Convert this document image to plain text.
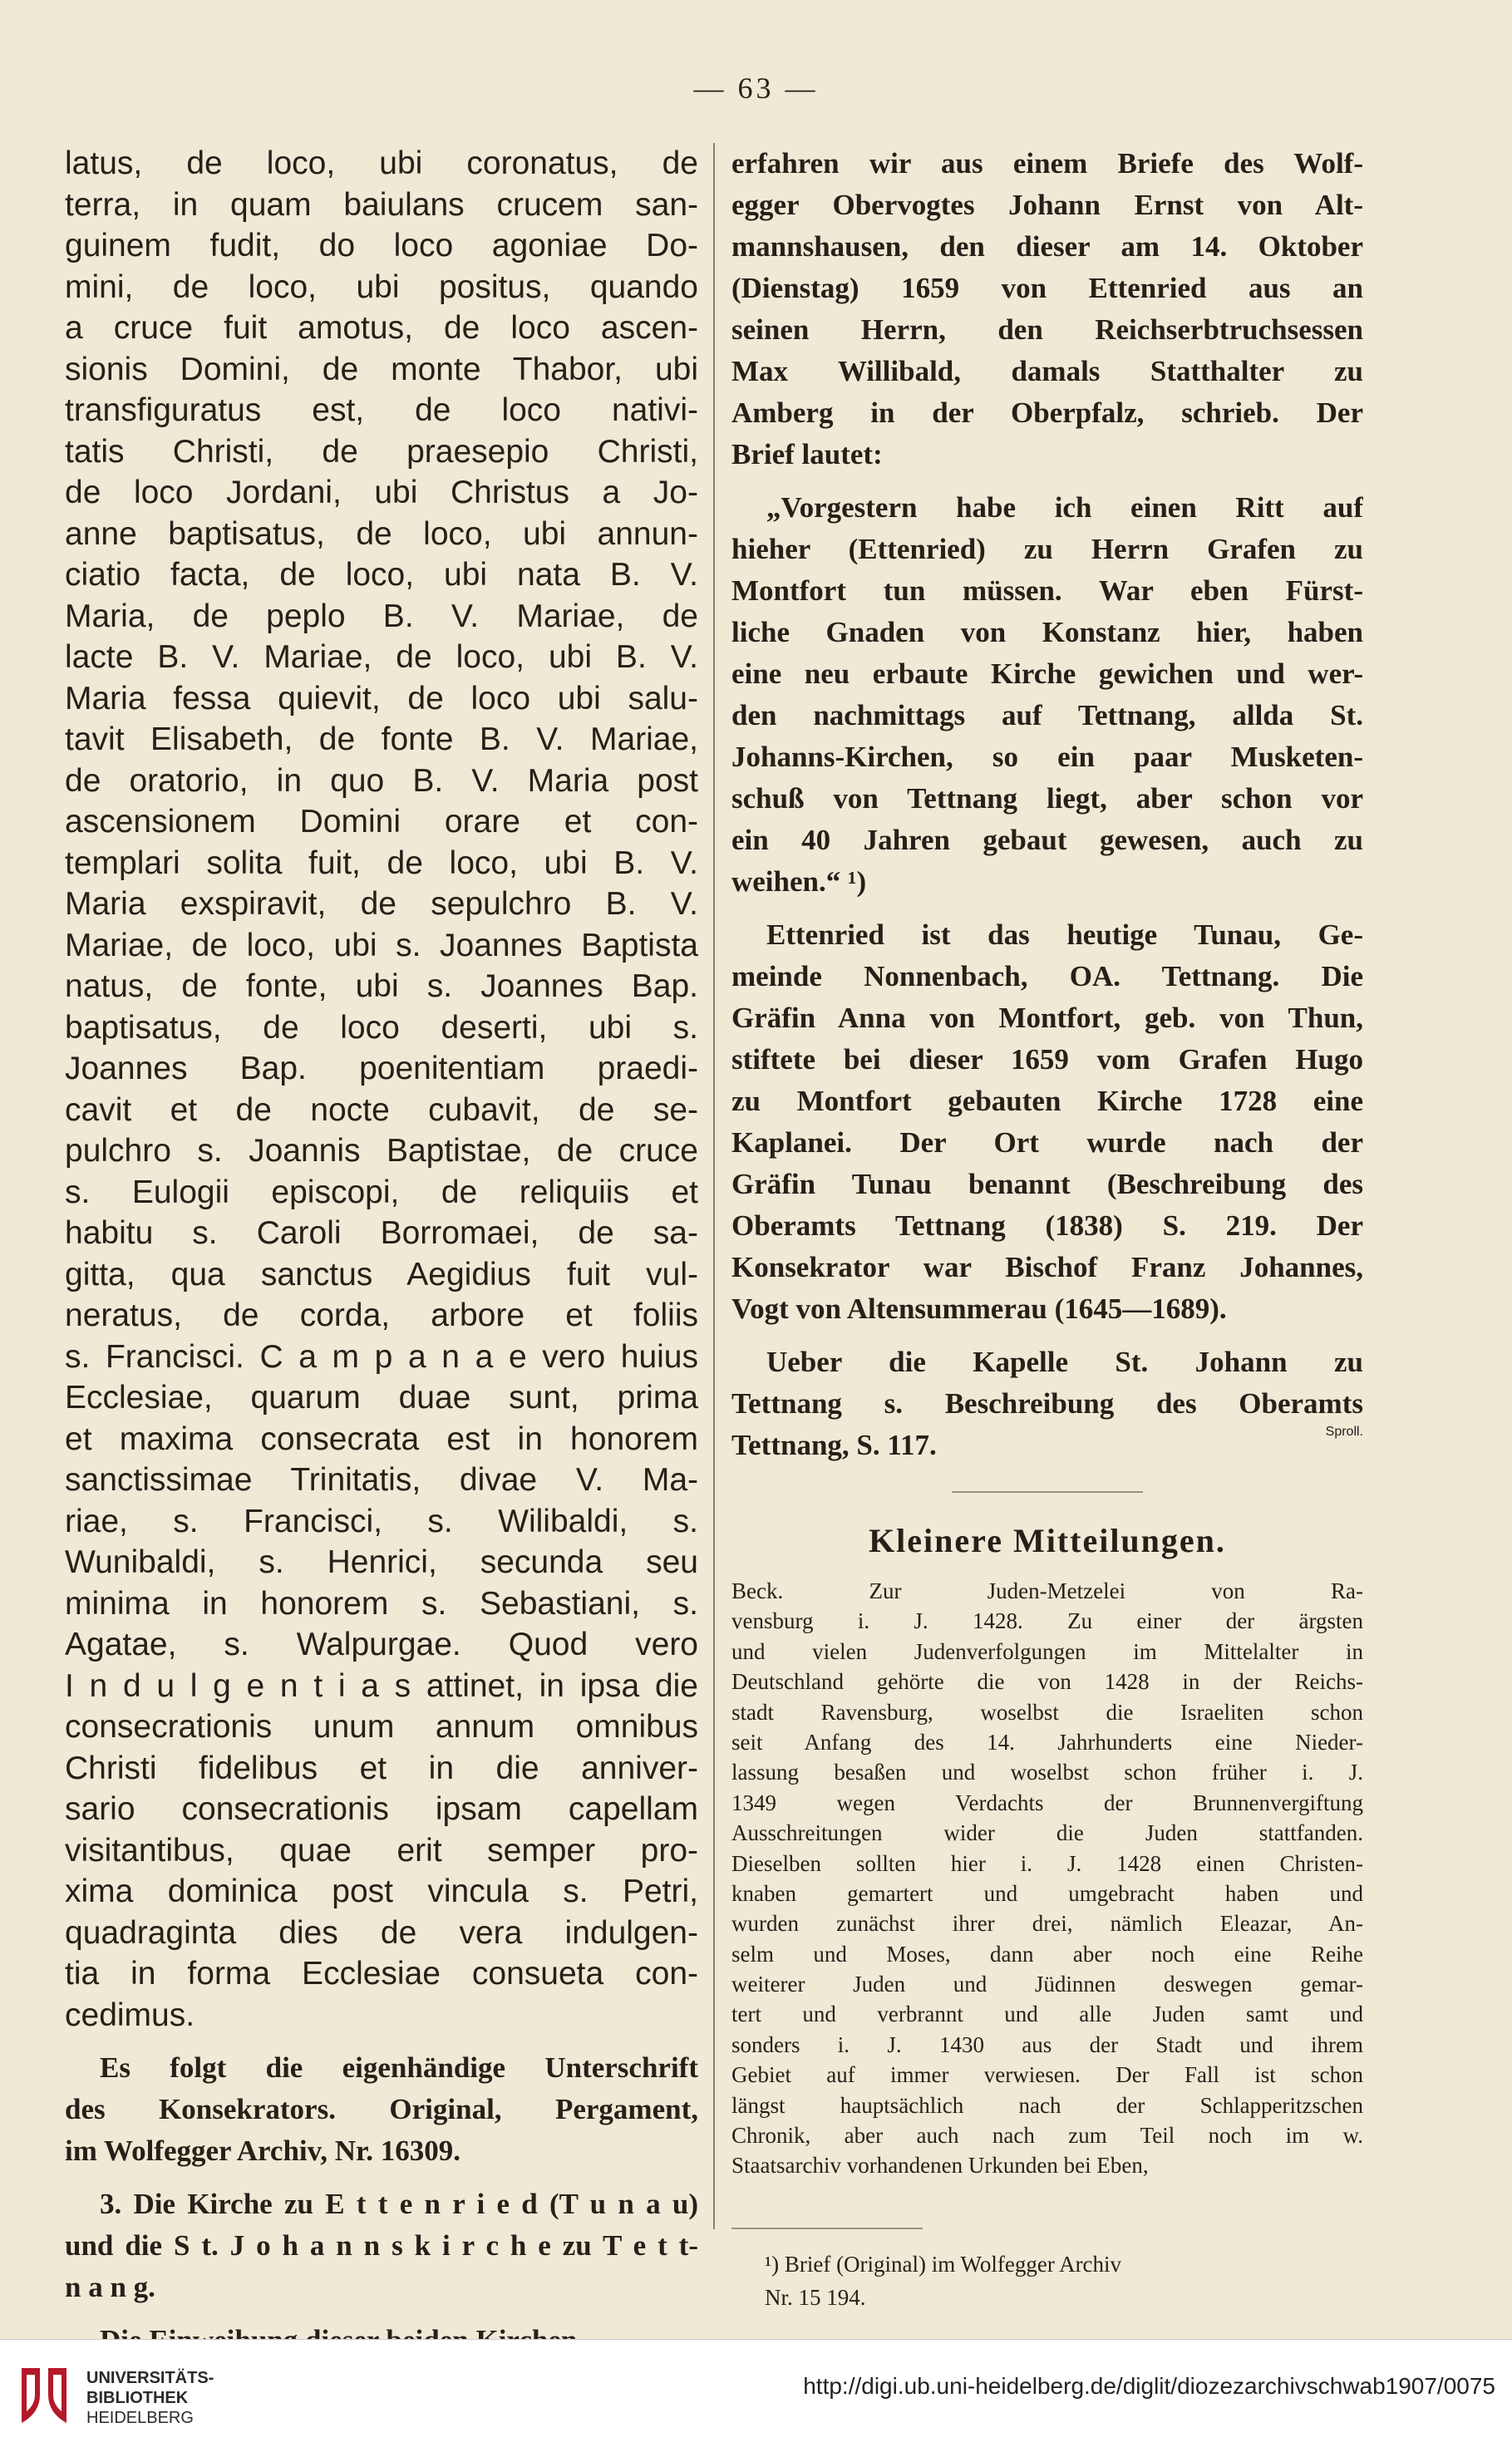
— 63 —
latus, de loco, ubi coronatus, de
terra, in quam baiulans crucem san-
guinem fudit, do loco agoniae Do-
mini, de loco, ubi positus, quando
a cruce fuit amotus, de loco ascen-
sionis Domini, de monte Thabor, ubi
transfiguratus est, de loco nativi-
tatis Christi, de praesepio Christi,
de loco Jordani, ubi Christus a Jo-
anne baptisatus, de loco, ubi annun-
ciatio facta, de loco, ubi nata B. V.
Maria, de peplo B. V. Mariae, de
lacte B. V. Mariae, de loco, ubi B. V.
Maria fessa quievit, de loco ubi salu-
tavit Elisabeth, de fonte B. V. Mariae,
de oratorio, in quo B. V. Maria post
ascensionem Domini orare et con-
templari solita fuit, de loco, ubi B. V.
Maria exspiravit, de sepulchro B. V.
Mariae, de loco, ubi s. Joannes Baptista
natus, de fonte, ubi s. Joannes Bap.
baptisatus, de loco deserti, ubi s.
Joannes Bap. poenitentiam praedi-
cavit et de nocte cubavit, de se-
pulchro s. Joannis Baptistae, de cruce
s. Eulogii episcopi, de reliquiis et
habitu s. Caroli Borromaei, de sa-
gitta, qua sanctus Aegidius fuit vul-
neratus, de corda, arbore et foliis
s. Francisci. C a m p a n a e vero huius
Ecclesiae, quarum duae sunt, prima
et maxima consecrata est in honorem
sanctissimae Trinitatis, divae V. Ma-
riae, s. Francisci, s. Wilibaldi, s.
Wunibaldi, s. Henrici, secunda seu
minima in honorem s. Sebastiani, s.
Agatae, s. Walpurgae. Quod vero
I n d u l g e n t i a s attinet, in ipsa die
consecrationis unum annum omnibus
Christi fidelibus et in die anniver-
sario consecrationis ipsam capellam
visitantibus, quae erit semper pro-
xima dominica post vincula s. Petri,
quadraginta dies de vera indulgen-
tia in forma Ecclesiae consueta con-
cedimus.
Es folgt die eigenhändige Unterschrift
des Konsekrators. Original, Pergament,
im Wolfegger Archiv, Nr. 16309.
3. Die Kirche zu E t t e n r i e d (T u n a u)
und die S t. J o h a n n s k i r c h e zu T e t t-
n a n g.
erfahren wir aus einem Briefe des Wolf-
egger Obervogtes Johann Ernst von Alt-
mannshausen, den dieser am 14. Oktober
(Dienstag) 1659 von Ettenried aus an
seinen Herrn, den Reichserbtruchsessen
Max Willibald, damals Statthalter zu
Amberg in der Oberpfalz, schrieb. Der
Brief lautet:
„Vorgestern habe ich einen Ritt auf
hieher (Ettenried) zu Herrn Grafen zu
Montfort tun müssen. War eben Fürst-
liche Gnaden von Konstanz hier, haben
eine neu erbaute Kirche gewichen und wer-
den nachmittags auf Tettnang, allda St.
Johanns-Kirchen, so ein paar Musketen-
schuß von Tettnang liegt, aber schon vor
ein 40 Jahren gebaut gewesen, auch zu
weihen.“ ¹)
Ettenried ist das heutige Tunau, Ge-
meinde Nonnenbach, OA. Tettnang. Die
Gräfin Anna von Montfort, geb. von Thun,
stiftete bei dieser 1659 vom Grafen Hugo
zu Montfort gebauten Kirche 1728 eine
Kaplanei. Der Ort wurde nach der
Gräfin Tunau benannt (Beschreibung des
Oberamts Tettnang (1838) S. 219. Der
Konsekrator war Bischof Franz Johannes,
Vogt von Altensummerau (1645—1689).
Ueber die Kapelle St. Johann zu
Tettnang s. Beschreibung des Oberamts
Sproll.
Tettnang, S. 117.
Kleinere Mitteilungen.
Beck. Zur Juden-Metzelei von Ra-
vensburg i. J. 1428. Zu einer der ärgsten
und vielen Judenverfolgungen im Mittelalter in
Deutschland gehörte die von 1428 in der Reichs-
stadt Ravensburg, woselbst die Israeliten schon
seit Anfang des 14. Jahrhunderts eine Nieder-
lassung besaßen und woselbst schon früher i. J.
1349 wegen Verdachts der Brunnenvergiftung
Ausschreitungen wider die Juden stattfanden.
Dieselben sollten hier i. J. 1428 einen Christen-
knaben gemartert und umgebracht haben und
wurden zunächst ihrer drei, nämlich Eleazar, An-
selm und Moses, dann aber noch eine Reihe
weiterer Juden und Jüdinnen deswegen gemar-
tert und verbrannt und alle Juden samt und
sonders i. J. 1430 aus der Stadt und ihrem
Gebiet auf immer verwiesen. Der Fall ist schon
längst hauptsächlich nach der Schlapperitzschen
Chronik, aber auch nach zum Teil noch im w.
Staatsarchiv vorhandenen Urkunden bei Eben,
¹) Brief (Original) im Wolfegger Archiv
Nr. 15 194.
UNIVERSITÄTS-
BIBLIOTHEK
HEIDELBERG
http://digi.ub.uni-heidelberg.de/diglit/diozezarchivschwab1907/0075
